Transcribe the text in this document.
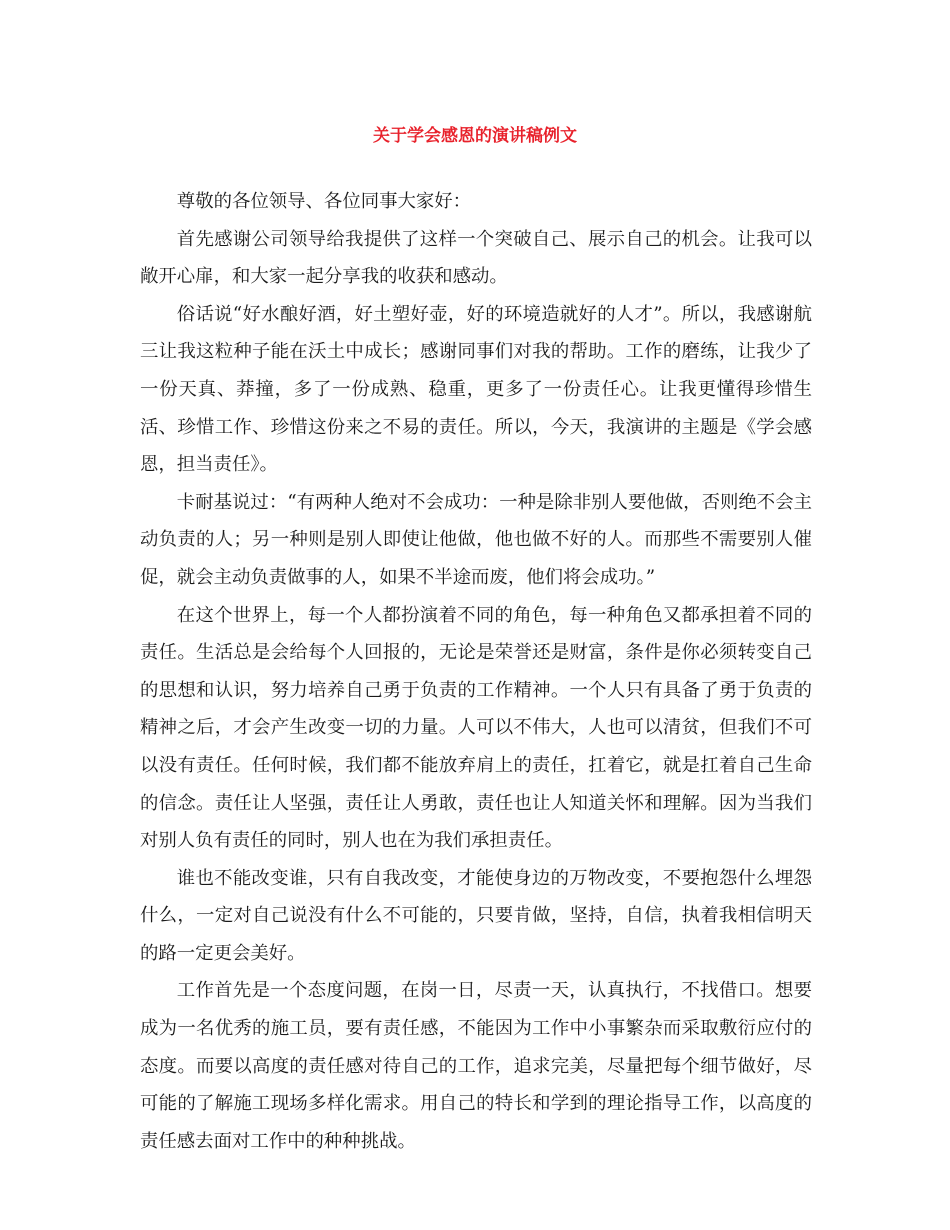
关于学会感恩的演讲稿例文

尊敬的各位领导、各位同事大家好：

首先感谢公司领导给我提供了这样一个突破自己、展示自己的机会。让我可以敞开心扉，和大家一起分享我的收获和感动。

俗话说“好水酿好酒，好土塑好壶，好的环境造就好的人才”。所以，我感谢航三让我这粒种子能在沃土中成长；感谢同事们对我的帮助。工作的磨练，让我少了一份天真、莽撞，多了一份成熟、稳重，更多了一份责任心。让我更懂得珍惜生活、珍惜工作、珍惜这份来之不易的责任。所以，今天，我演讲的主题是《学会感恩，担当责任》。

卡耐基说过：“有两种人绝对不会成功：一种是除非别人要他做，否则绝不会主动负责的人；另一种则是别人即使让他做，他也做不好的人。而那些不需要别人催促，就会主动负责做事的人，如果不半途而废，他们将会成功。”

在这个世界上，每一个人都扮演着不同的角色，每一种角色又都承担着不同的责任。生活总是会给每个人回报的，无论是荣誉还是财富，条件是你必须转变自己的思想和认识，努力培养自己勇于负责的工作精神。一个人只有具备了勇于负责的精神之后，才会产生改变一切的力量。人可以不伟大，人也可以清贫，但我们不可以没有责任。任何时候，我们都不能放弃肩上的责任，扛着它，就是扛着自己生命的信念。责任让人坚强，责任让人勇敢，责任也让人知道关怀和理解。因为当我们对别人负有责任的同时，别人也在为我们承担责任。

谁也不能改变谁，只有自我改变，才能使身边的万物改变，不要抱怨什么埋怨什么，一定对自己说没有什么不可能的，只要肯做，坚持，自信，执着我相信明天的路一定更会美好。

工作首先是一个态度问题，在岗一日，尽责一天，认真执行，不找借口。想要成为一名优秀的施工员，要有责任感，不能因为工作中小事繁杂而采取敷衍应付的态度。而要以高度的责任感对待自己的工作，追求完美，尽量把每个细节做好，尽可能的了解施工现场多样化需求。用自己的特长和学到的理论指导工作，以高度的责任感去面对工作中的种种挑战。
